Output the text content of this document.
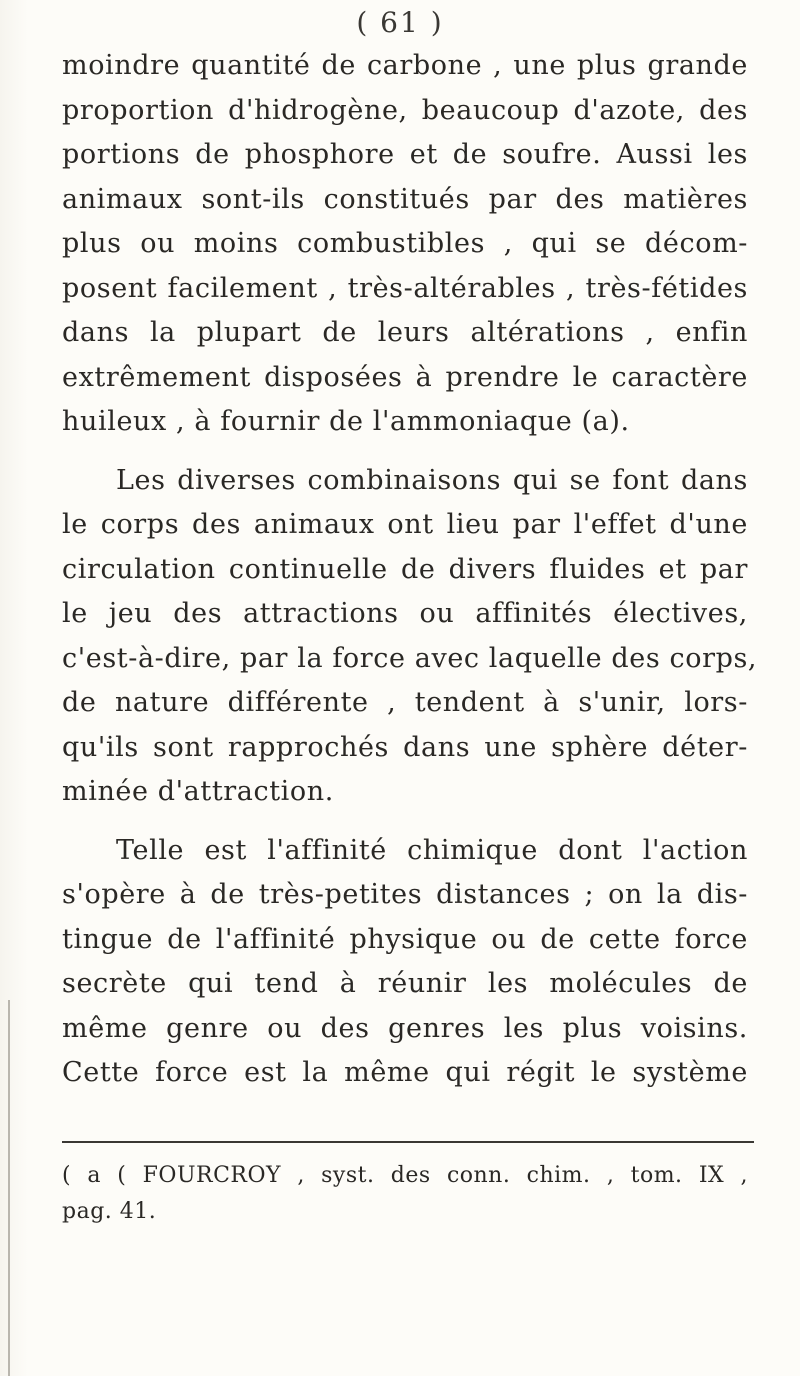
( 61 )
moindre quantité de carbone , une plus grande
proportion d'hidrogène, beaucoup d'azote, des
portions de phosphore et de soufre. Aussi les
animaux sont-ils constitués par des matières
plus ou moins combustibles , qui se décom-
posent facilement , très-altérables , très-fétides
dans la plupart de leurs altérations , enfin
extrêmement disposées à prendre le caractère
huileux , à fournir de l'ammoniaque (a).
Les diverses combinaisons qui se font dans
le corps des animaux ont lieu par l'effet d'une
circulation continuelle de divers fluides et par
le jeu des attractions ou affinités électives,
c'est-à-dire, par la force avec laquelle des corps,
de nature différente , tendent à s'unir, lors-
qu'ils sont rapprochés dans une sphère déter-
minée d'attraction.
Telle est l'affinité chimique dont l'action
s'opère à de très-petites distances ; on la dis-
tingue de l'affinité physique ou de cette force
secrète qui tend à réunir les molécules de
même genre ou des genres les plus voisins.
Cette force est la même qui régit le système
( a ( FOURCROY , syst. des conn. chim. , tom. IX ,
pag. 41.
